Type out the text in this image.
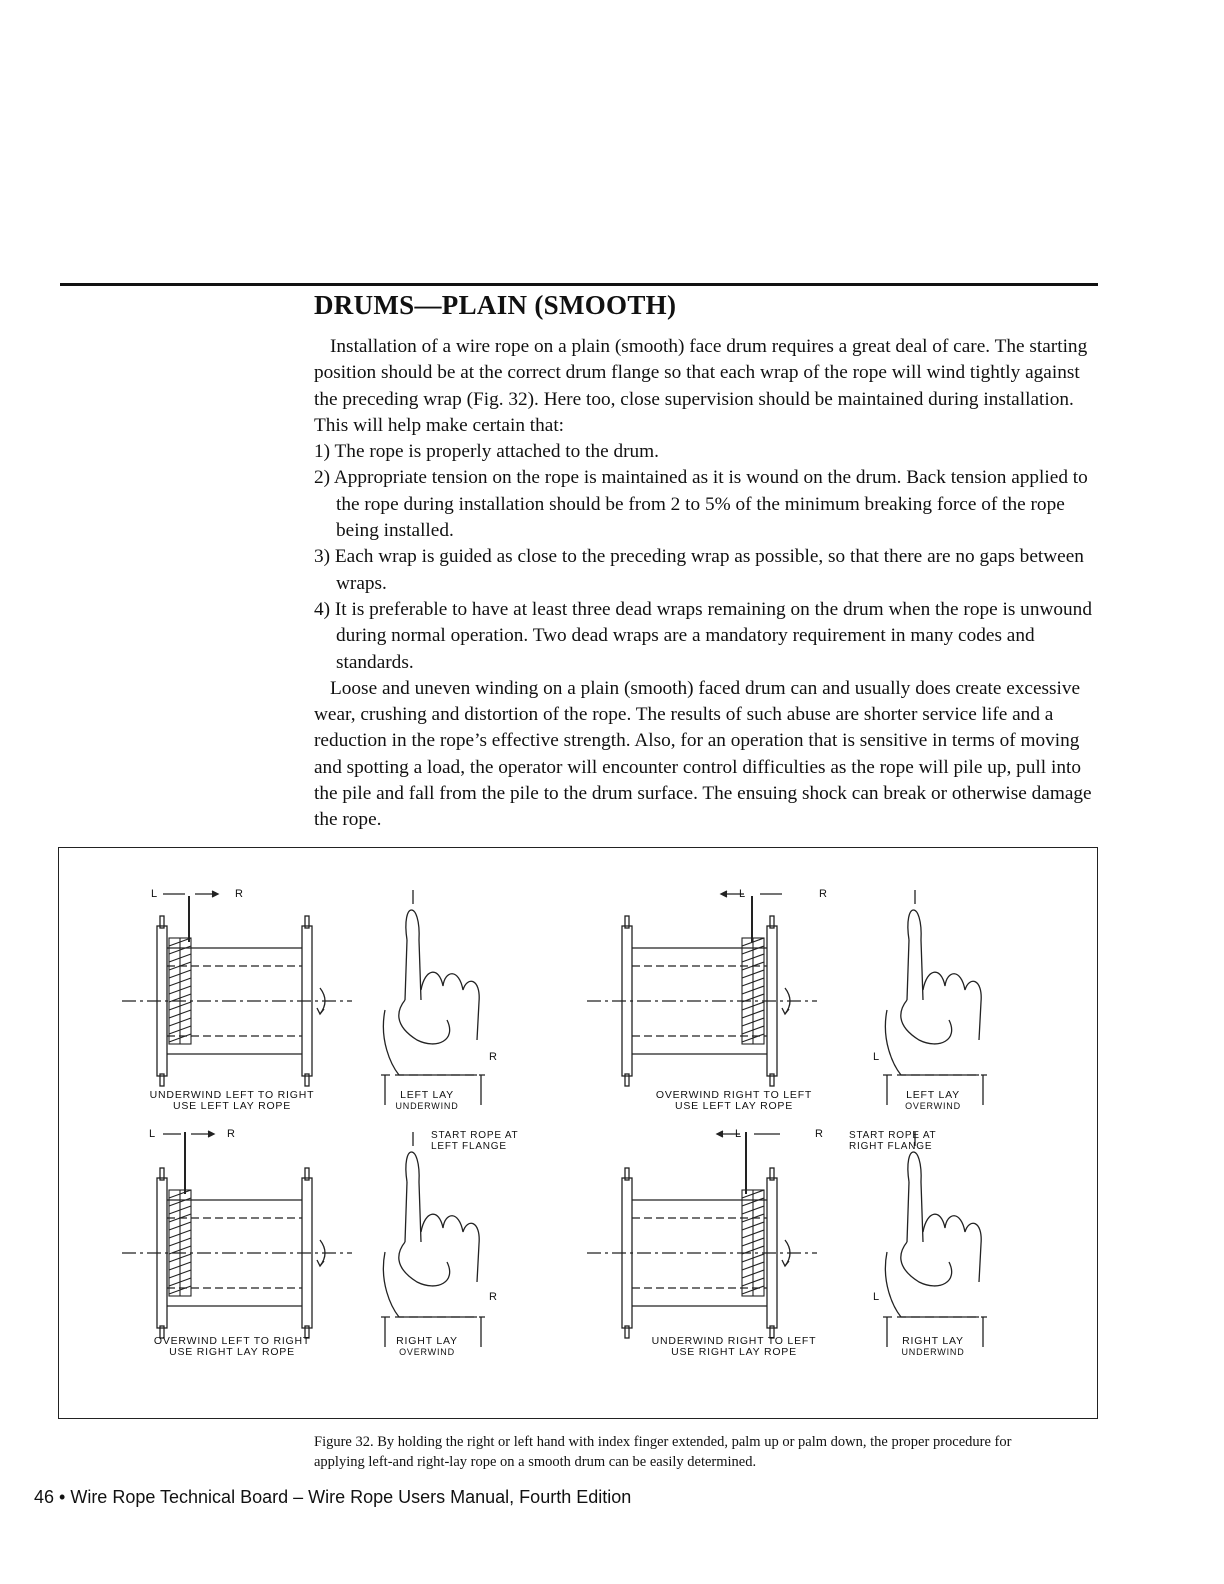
DRUMS—PLAIN (SMOOTH)

Installation of a wire rope on a plain (smooth) face drum requires a great deal of care. The starting position should be at the correct drum flange so that each wrap of the rope will wind tightly against the preceding wrap (Fig. 32). Here too, close supervision should be maintained during installation. This will help make certain that:

1) The rope is properly attached to the drum.

2) Appropriate tension on the rope is maintained as it is wound on the drum. Back tension applied to the rope during installation should be from 2 to 5% of the minimum breaking force of the rope being installed.

3) Each wrap is guided as close to the preceding wrap as possible, so that there are no gaps between wraps.

4) It is preferable to have at least three dead wraps remaining on the drum when the rope is unwound during normal operation. Two dead wraps are a mandatory requirement in many codes and standards.

Loose and uneven winding on a plain (smooth) faced drum can and usually does create excessive wear, crushing and distortion of the rope. The results of such abuse are shorter service life and a reduction in the rope’s effective strength. Also, for an operation that is sensitive in terms of moving and spotting a load, the operator will encounter control difficulties as the rope will pile up, pull into the pile and fall from the pile to the drum surface. The ensuing shock can break or otherwise damage the rope.

L	R
R
L	R
L
L	R
R
L	R
L
START ROPE AT
LEFT FLANGE
START ROPE AT
RIGHT FLANGE
UNDERWIND LEFT TO RIGHT
USE LEFT LAY ROPE
LEFT LAY
UNDERWIND
OVERWIND RIGHT TO LEFT
USE LEFT LAY ROPE
LEFT LAY
OVERWIND
OVERWIND LEFT TO RIGHT
USE RIGHT LAY ROPE
RIGHT LAY
OVERWIND
UNDERWIND RIGHT TO LEFT
USE RIGHT LAY ROPE
RIGHT LAY
UNDERWIND
Figure 32. By holding the right or left hand with index finger extended, palm up or palm down, the proper procedure for applying left-and right-lay rope on a smooth drum can be easily determined.
46 • Wire Rope Technical Board – Wire Rope Users Manual, Fourth Edition
